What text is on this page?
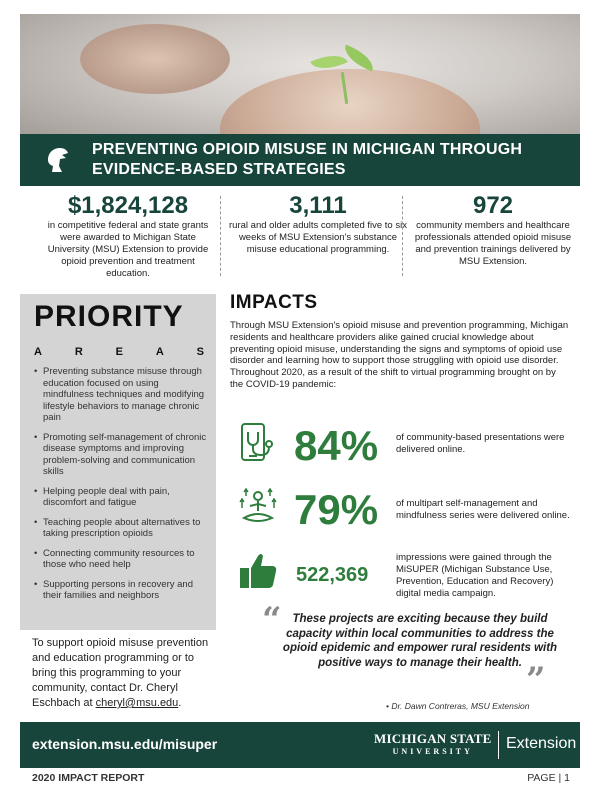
PREVENTING OPIOID MISUSE IN MICHIGAN THROUGH
EVIDENCE-BASED STRATEGIES
$1,824,128
in competitive federal and state grants were awarded to Michigan State University (MSU) Extension to provide opioid prevention and treatment education.
3,111
rural and older adults completed five to six weeks of MSU Extension's substance misuse educational programming.
972
community members and healthcare professionals attended opioid misuse and prevention trainings delivered by MSU Extension.
PRIORITY
A	R	E	A	S
• Preventing substance misuse through education focused on using mindfulness techniques and modifying lifestyle behaviors to manage chronic pain
• Promoting self-management of chronic disease symptoms and improving problem-solving and communication skills
• Helping people deal with pain, discomfort and fatigue
• Teaching people about alternatives to taking prescription opioids
• Connecting community resources to those who need help
• Supporting persons in recovery and their families and neighbors
To support opioid misuse prevention and education programming or to bring this programming to your community, contact Dr. Cheryl Eschbach at cheryl@msu.edu.
IMPACTS
Through MSU Extension's opioid misuse and prevention programming, Michigan residents and healthcare providers alike gained crucial knowledge about preventing opioid misuse, understanding the signs and symptoms of opioid use disorder and learning how to support those struggling with opioid use disorder. Throughout 2020, as a result of the shift to virtual programming brought on by the COVID-19 pandemic:
84% of community-based presentations were delivered online.
79% of multipart self-management and mindfulness series were delivered online.
522,369
impressions were gained through the MiSUPER (Michigan Substance Use, Prevention, Education and Recovery) digital media campaign.
“ These projects are exciting because they build capacity within local communities to address the opioid epidemic and empower rural residents with positive ways to manage their health. ”
• Dr. Dawn Contreras, MSU Extension
extension.msu.edu/misuper	MICHIGAN STATE
UNIVERSITY	Extension
2020 IMPACT REPORT	PAGE | 1
